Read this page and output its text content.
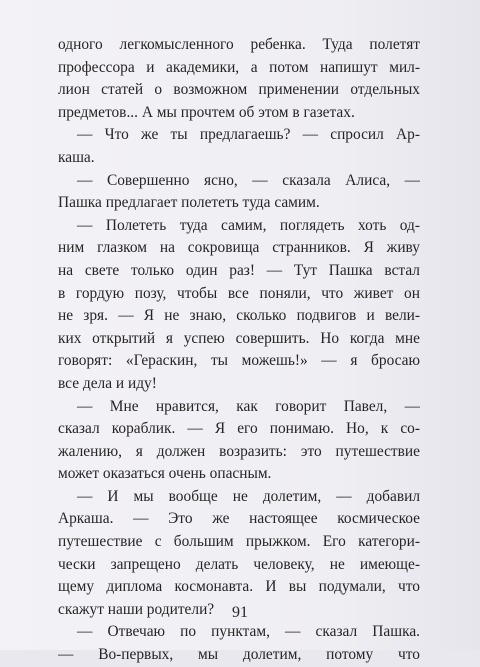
одного легкомысленного ребенка. Туда полетят
профессора и академики, а потом напишут мил-
лион статей о возможном применении отдельных
предметов... А мы прочтем об этом в газетах.
— Что же ты предлагаешь? — спросил Ар-
каша.
— Совершенно ясно, — сказала Алиса, —
Пашка предлагает полететь туда самим.
— Полететь туда самим, поглядеть хоть од-
ним глазком на сокровища странников. Я живу
на свете только один раз! — Тут Пашка встал
в гордую позу, чтобы все поняли, что живет он
не зря. — Я не знаю, сколько подвигов и вели-
ких открытий я успею совершить. Но когда мне
говорят: «Гераскин, ты можешь!» — я бросаю
все дела и иду!
— Мне нравится, как говорит Павел, —
сказал кораблик. — Я его понимаю. Но, к со-
жалению, я должен возразить: это путешествие
может оказаться очень опасным.
— И мы вообще не долетим, — добавил
Аркаша. — Это же настоящее космическое
путешествие с большим прыжком. Его категори-
чески запрещено делать человеку, не имеюще-
щему диплома космонавта. И вы подумали, что
скажут наши родители?
— Отвечаю по пунктам, — сказал Пашка.
— Во-первых, мы долетим, потому что
91
